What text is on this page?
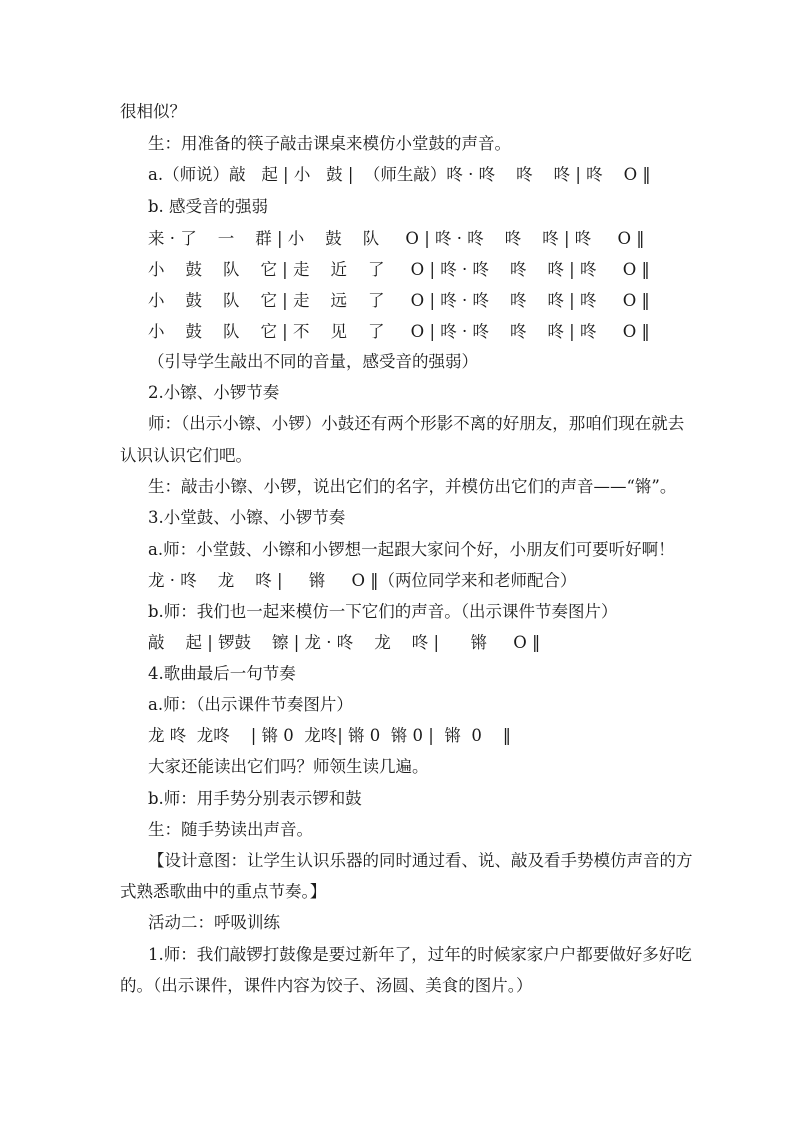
很相似？
生：用准备的筷子敲击课桌来模仿小堂鼓的声音。
a.（师说）敲   起 | 小   鼓 |  （师生敲）咚 · 咚    咚    咚 | 咚    O ‖
b. 感受音的强弱
来 · 了    一    群 | 小    鼓    队     O | 咚 · 咚    咚    咚 | 咚     O ‖
小    鼓    队    它 | 走    近    了     O | 咚 · 咚    咚    咚 | 咚     O ‖
小    鼓    队    它 | 走    远    了     O | 咚 · 咚    咚    咚 | 咚     O ‖
小    鼓    队    它 | 不    见    了     O | 咚 · 咚    咚    咚 | 咚     O ‖
（引导学生敲出不同的音量，感受音的强弱）
2.小镲、小锣节奏
师：（出示小镲、小锣）小鼓还有两个形影不离的好朋友，那咱们现在就去
认识认识它们吧。
生：敲击小镲、小锣，说出它们的名字，并模仿出它们的声音——“锵”。
3.小堂鼓、小镲、小锣节奏
a.师：小堂鼓、小镲和小锣想一起跟大家问个好，小朋友们可要听好啊！
龙 · 咚    龙    咚 |     锵     O ‖（两位同学来和老师配合）
b.师：我们也一起来模仿一下它们的声音。（出示课件节奏图片）
敲    起 | 锣鼓    镲 | 龙 · 咚    龙    咚 |      锵     O ‖
4.歌曲最后一句节奏
a.师：（出示课件节奏图片）
龙 咚  龙咚    | 锵 0  龙咚| 锵 0  锵 0 |  锵  0    ‖
大家还能读出它们吗？师领生读几遍。
b.师：用手势分别表示锣和鼓
生：随手势读出声音。
【设计意图：让学生认识乐器的同时通过看、说、敲及看手势模仿声音的方
式熟悉歌曲中的重点节奏。】
活动二：呼吸训练
1.师：我们敲锣打鼓像是要过新年了，过年的时候家家户户都要做好多好吃
的。（出示课件，课件内容为饺子、汤圆、美食的图片。）
